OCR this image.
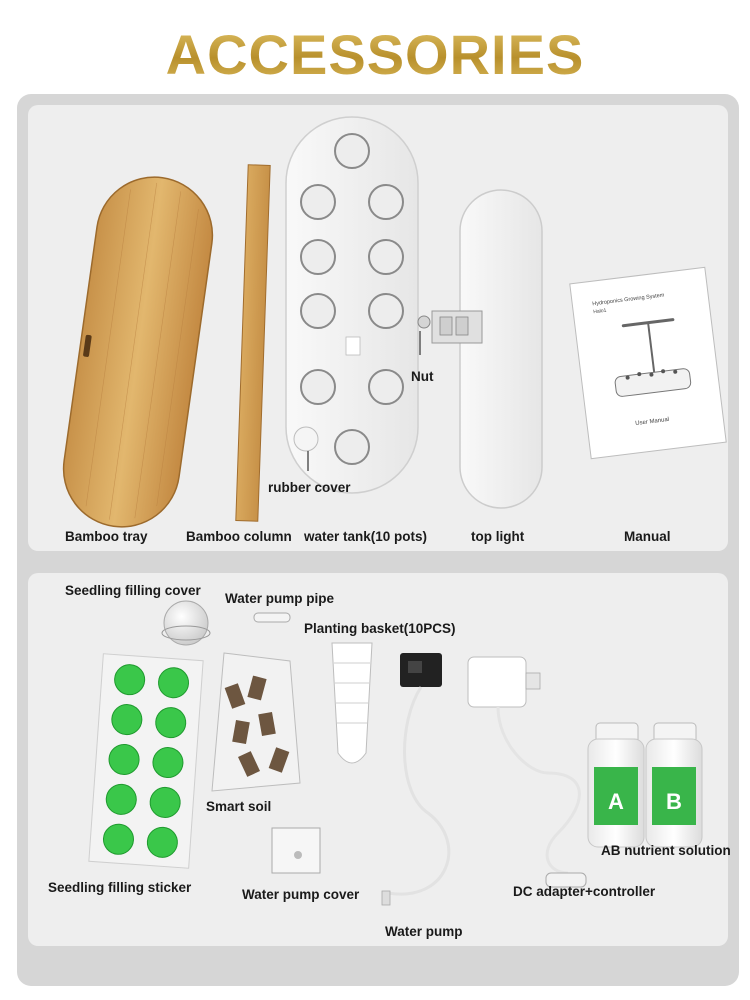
ACCESSORIES
Hydroponics Growing System
Halo1
User Manual
Nut
rubber cover
Bamboo tray	Bamboo column water tank(10 pots)	top light	Manual
A B
Seedling filling cover
Water pump pipe
Planting basket(10PCS)
Smart soil
AB nutrient solution
Seedling filling sticker	DC adapter+controller
Water pump cover
Water pump
